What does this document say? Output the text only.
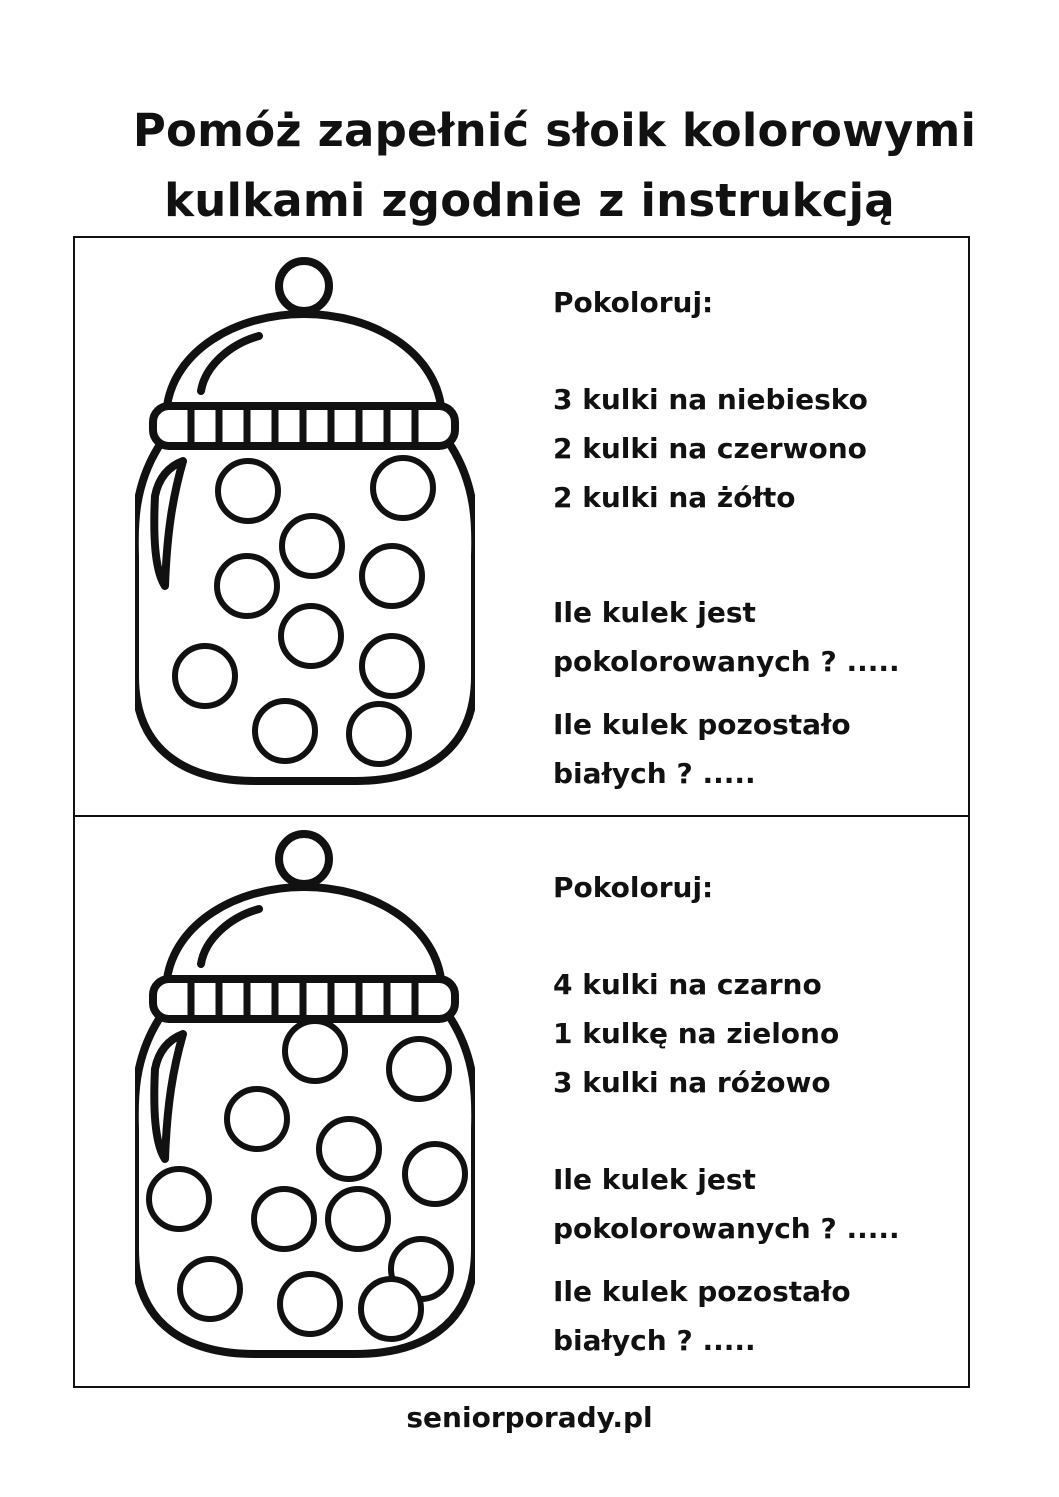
Pomóż zapełnić słoik kolorowymi
kulkami zgodnie z instrukcją
Pokoloruj:
3 kulki na niebiesko
2 kulki na czerwono
2 kulki na żółto
Ile kulek jest
pokolorowanych ? .....
Ile kulek pozostało
białych ? .....
Pokoloruj:
4 kulki na czarno
1 kulkę na zielono
3 kulki na różowo
Ile kulek jest
pokolorowanych ? .....
Ile kulek pozostało
białych ? .....
seniorporady.pl
